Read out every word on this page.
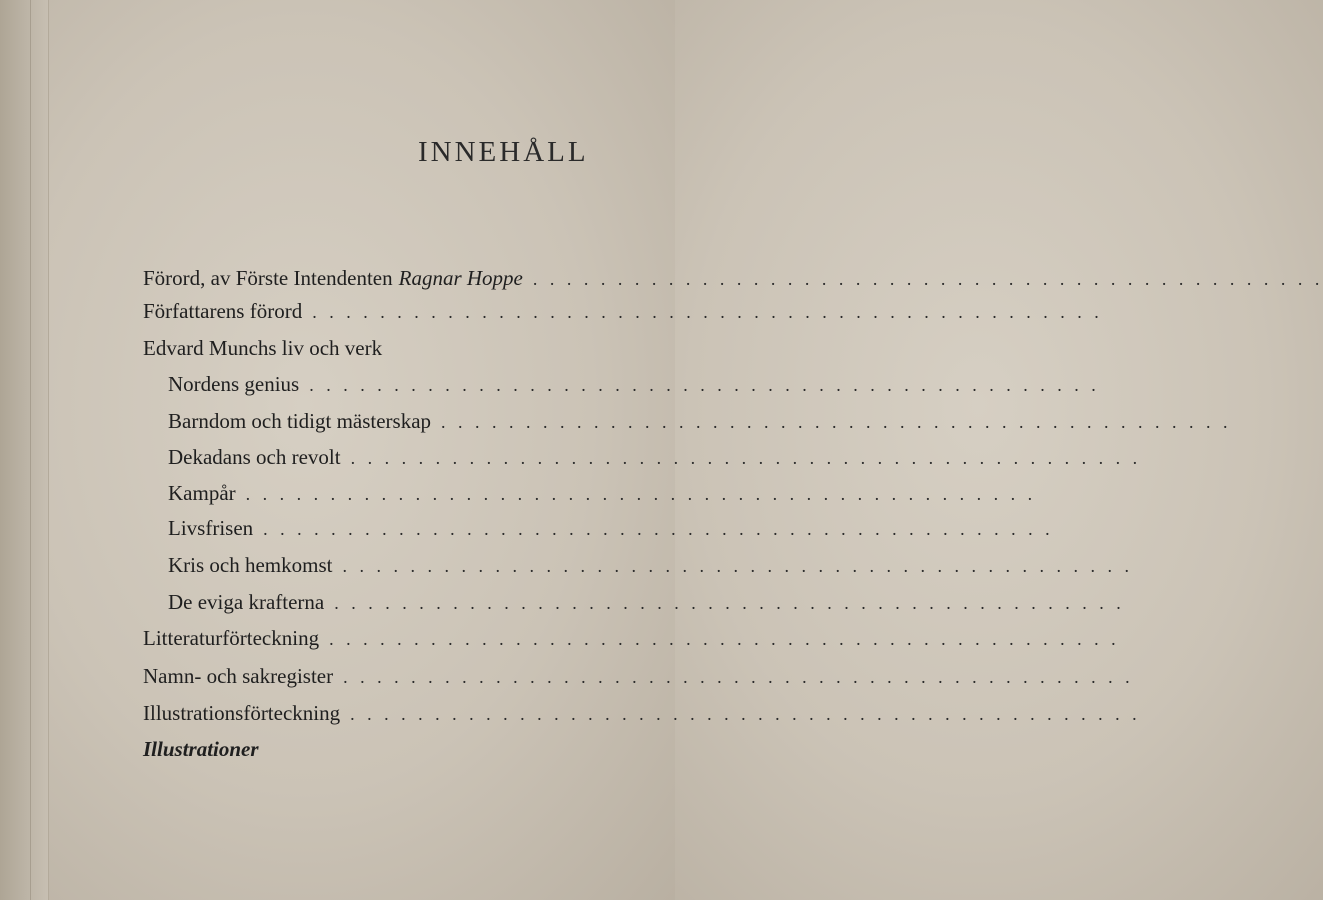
INNEHÅLL
Förord, av Förste Intendenten Ragnar Hoppe . . . . . . . . . . . . . . . . . . . . . . . . . . . . . . . . . . . . . . . . . . . . . . .
Författarens förord . . . . . . . . . . . . . . . . . . . . . . . . . . . . . . . . . . . . . . . . . . . . . . .
Edvard Munchs liv och verk
Nordens genius . . . . . . . . . . . . . . . . . . . . . . . . . . . . . . . . . . . . . . . . . . . . . . .
Barndom och tidigt mästerskap . . . . . . . . . . . . . . . . . . . . . . . . . . . . . . . . . . . . . . . . . . . . . . .
Dekadans och revolt . . . . . . . . . . . . . . . . . . . . . . . . . . . . . . . . . . . . . . . . . . . . . . .
Kampår . . . . . . . . . . . . . . . . . . . . . . . . . . . . . . . . . . . . . . . . . . . . . . .
Livsfrisen . . . . . . . . . . . . . . . . . . . . . . . . . . . . . . . . . . . . . . . . . . . . . . .
Kris och hemkomst . . . . . . . . . . . . . . . . . . . . . . . . . . . . . . . . . . . . . . . . . . . . . . .
De eviga krafterna . . . . . . . . . . . . . . . . . . . . . . . . . . . . . . . . . . . . . . . . . . . . . . .
Litteraturförteckning . . . . . . . . . . . . . . . . . . . . . . . . . . . . . . . . . . . . . . . . . . . . . . .
Namn- och sakregister . . . . . . . . . . . . . . . . . . . . . . . . . . . . . . . . . . . . . . . . . . . . . . .
Illustrationsförteckning . . . . . . . . . . . . . . . . . . . . . . . . . . . . . . . . . . . . . . . . . . . . . . .
Illustrationer
